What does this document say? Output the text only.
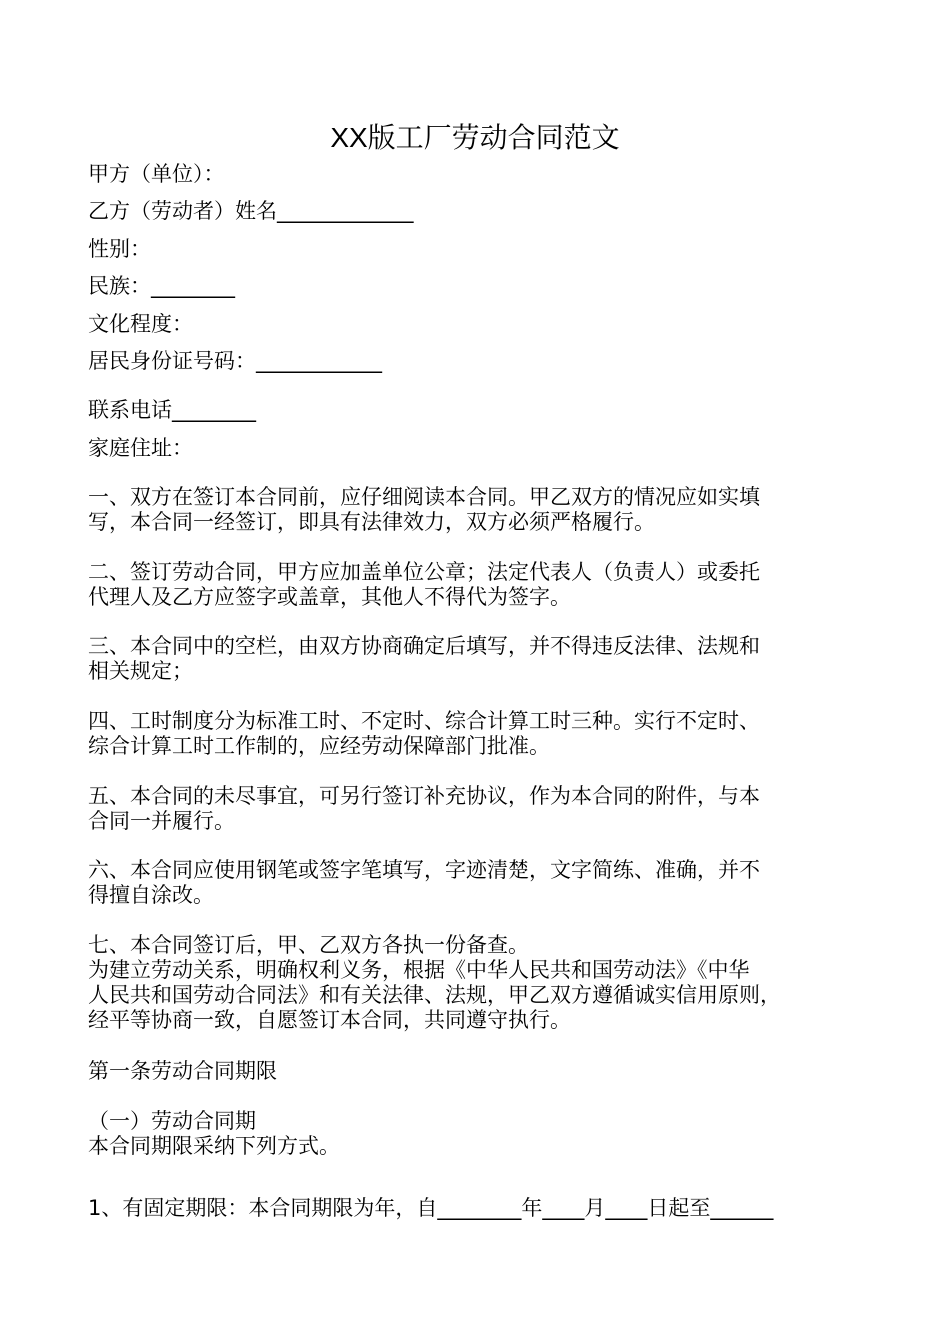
XX版工厂劳动合同范文
甲方（单位）：
乙方（劳动者）姓名_____________
性别：
民族：________
文化程度：
居民身份证号码：____________
联系电话________
家庭住址：
一、双方在签订本合同前，应仔细阅读本合同。甲乙双方的情况应如实填
写，本合同一经签订，即具有法律效力，双方必须严格履行。
二、签订劳动合同，甲方应加盖单位公章；法定代表人（负责人）或委托
代理人及乙方应签字或盖章，其他人不得代为签字。
三、本合同中的空栏，由双方协商确定后填写，并不得违反法律、法规和
相关规定；
四、工时制度分为标准工时、不定时、综合计算工时三种。实行不定时、
综合计算工时工作制的，应经劳动保障部门批准。
五、本合同的未尽事宜，可另行签订补充协议，作为本合同的附件，与本
合同一并履行。
六、本合同应使用钢笔或签字笔填写，字迹清楚，文字简练、准确，并不
得擅自涂改。
七、本合同签订后，甲、乙双方各执一份备查。
为建立劳动关系，明确权利义务，根据《中华人民共和国劳动法》《中华
人民共和国劳动合同法》和有关法律、法规，甲乙双方遵循诚实信用原则，
经平等协商一致，自愿签订本合同，共同遵守执行。
第一条劳动合同期限
（一）劳动合同期
本合同期限采纳下列方式。
1、有固定期限：本合同期限为年，自________年____月____日起至______
